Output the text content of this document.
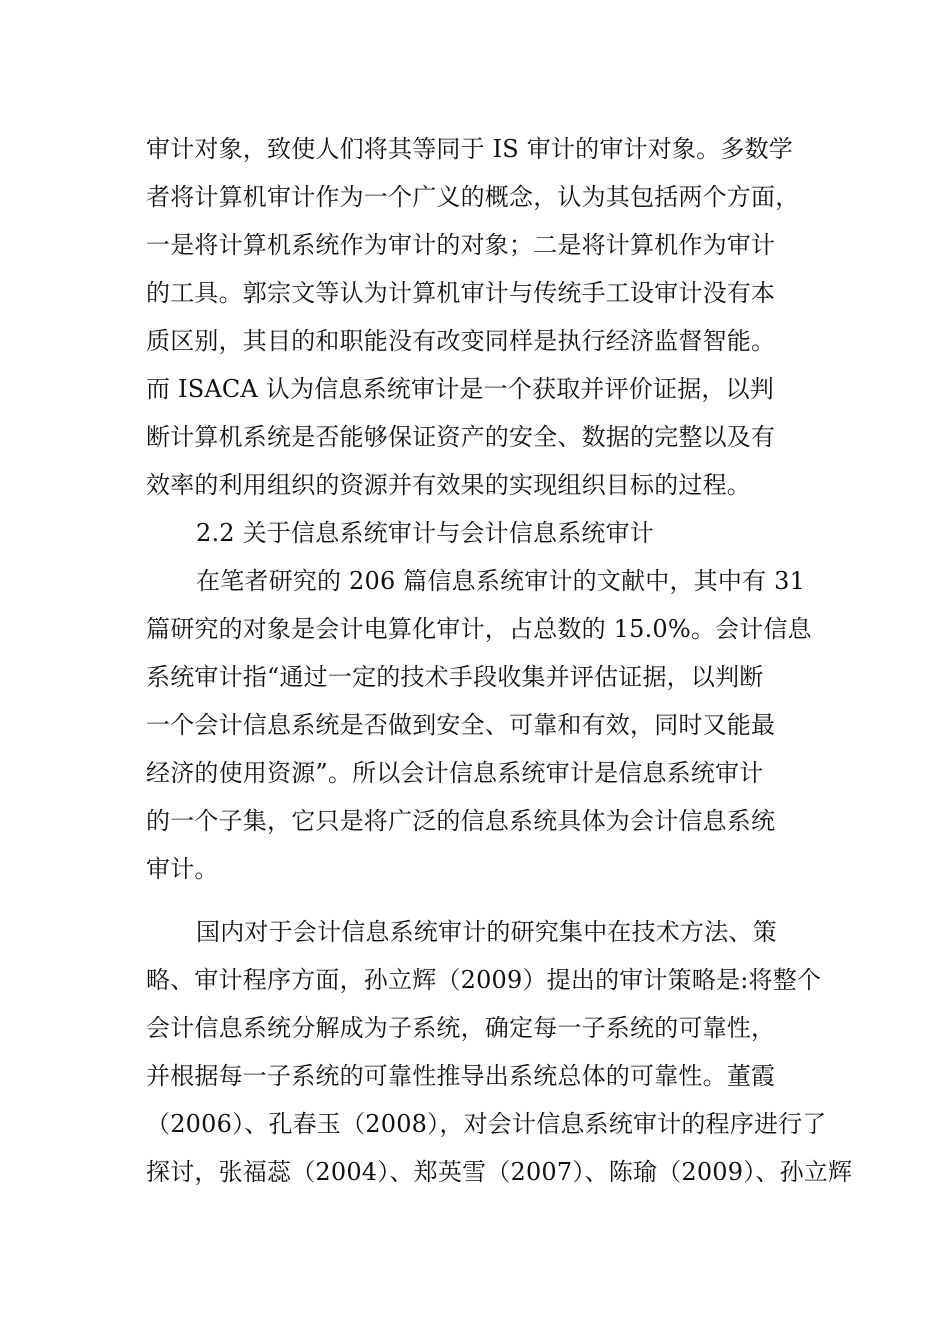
审计对象，致使人们将其等同于 IS 审计的审计对象。多数学
者将计算机审计作为一个广义的概念，认为其包括两个方面，
一是将计算机系统作为审计的对象；二是将计算机作为审计
的工具。郭宗文等认为计算机审计与传统手工设审计没有本
质区别，其目的和职能没有改变同样是执行经济监督智能。
而 ISACA 认为信息系统审计是一个获取并评价证据，以判
断计算机系统是否能够保证资产的安全、数据的完整以及有
效率的利用组织的资源并有效果的实现组织目标的过程。
2.2 关于信息系统审计与会计信息系统审计
在笔者研究的 206 篇信息系统审计的文献中，其中有 31
篇研究的对象是会计电算化审计，占总数的 15.0%。会计信息
系统审计指“通过一定的技术手段收集并评估证据，以判断
一个会计信息系统是否做到安全、可靠和有效，同时又能最
经济的使用资源”。所以会计信息系统审计是信息系统审计
的一个子集，它只是将广泛的信息系统具体为会计信息系统
审计。
国内对于会计信息系统审计的研究集中在技术方法、策
略、审计程序方面，孙立辉（2009）提出的审计策略是:将整个
会计信息系统分解成为子系统，确定每一子系统的可靠性，
并根据每一子系统的可靠性推导出系统总体的可靠性。董霞
（2006）、孔春玉（2008），对会计信息系统审计的程序进行了
探讨，张福蕊（2004）、郑英雪（2007）、陈瑜（2009）、孙立辉
